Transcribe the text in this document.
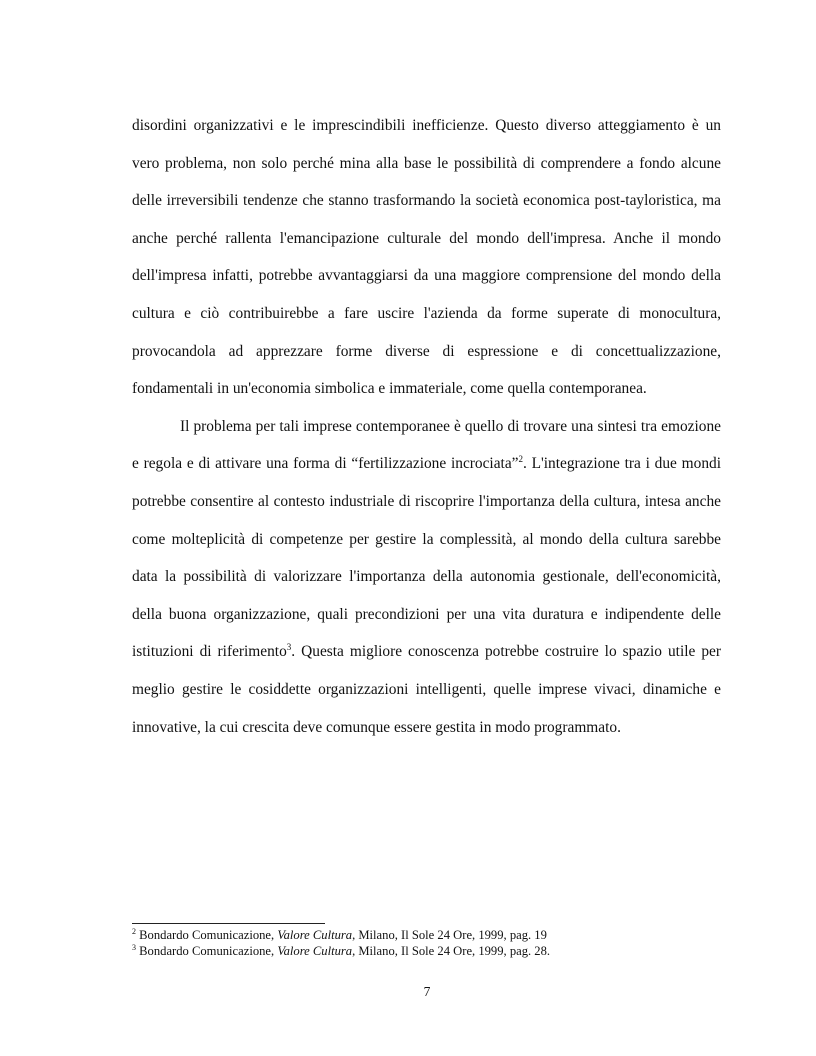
disordini organizzativi e le imprescindibili inefficienze. Questo diverso atteggiamento è un vero problema, non solo perché mina alla base le possibilità di comprendere a fondo alcune delle irreversibili tendenze che stanno trasformando la società economica post-tayloristica, ma anche perché rallenta l'emancipazione culturale del mondo dell'impresa. Anche il mondo dell'impresa infatti, potrebbe avvantaggiarsi da una maggiore comprensione del mondo della cultura e ciò contribuirebbe a fare uscire l'azienda da forme superate di monocultura, provocandola ad apprezzare forme diverse di espressione e di concettualizzazione, fondamentali in un'economia simbolica e immateriale, come quella contemporanea.

Il problema per tali imprese contemporanee è quello di trovare una sintesi tra emozione e regola e di attivare una forma di “fertilizzazione incrociata”$^2$. L'integrazione tra i due mondi potrebbe consentire al contesto industriale di riscoprire l'importanza della cultura, intesa anche come molteplicità di competenze per gestire la complessità, al mondo della cultura sarebbe data la possibilità di valorizzare l'importanza della autonomia gestionale, dell'economicità, della buona organizzazione, quali precondizioni per una vita duratura e indipendente delle istituzioni di riferimento$^3$. Questa migliore conoscenza potrebbe costruire lo spazio utile per meglio gestire le cosiddette organizzazioni intelligenti, quelle imprese vivaci, dinamiche e innovative, la cui crescita deve comunque essere gestita in modo programmato.

$^2$ Bondardo Comunicazione, Valore Cultura, Milano, Il Sole 24 Ore, 1999, pag. 19
$^3$ Bondardo Comunicazione, Valore Cultura, Milano, Il Sole 24 Ore, 1999, pag. 28.
7
